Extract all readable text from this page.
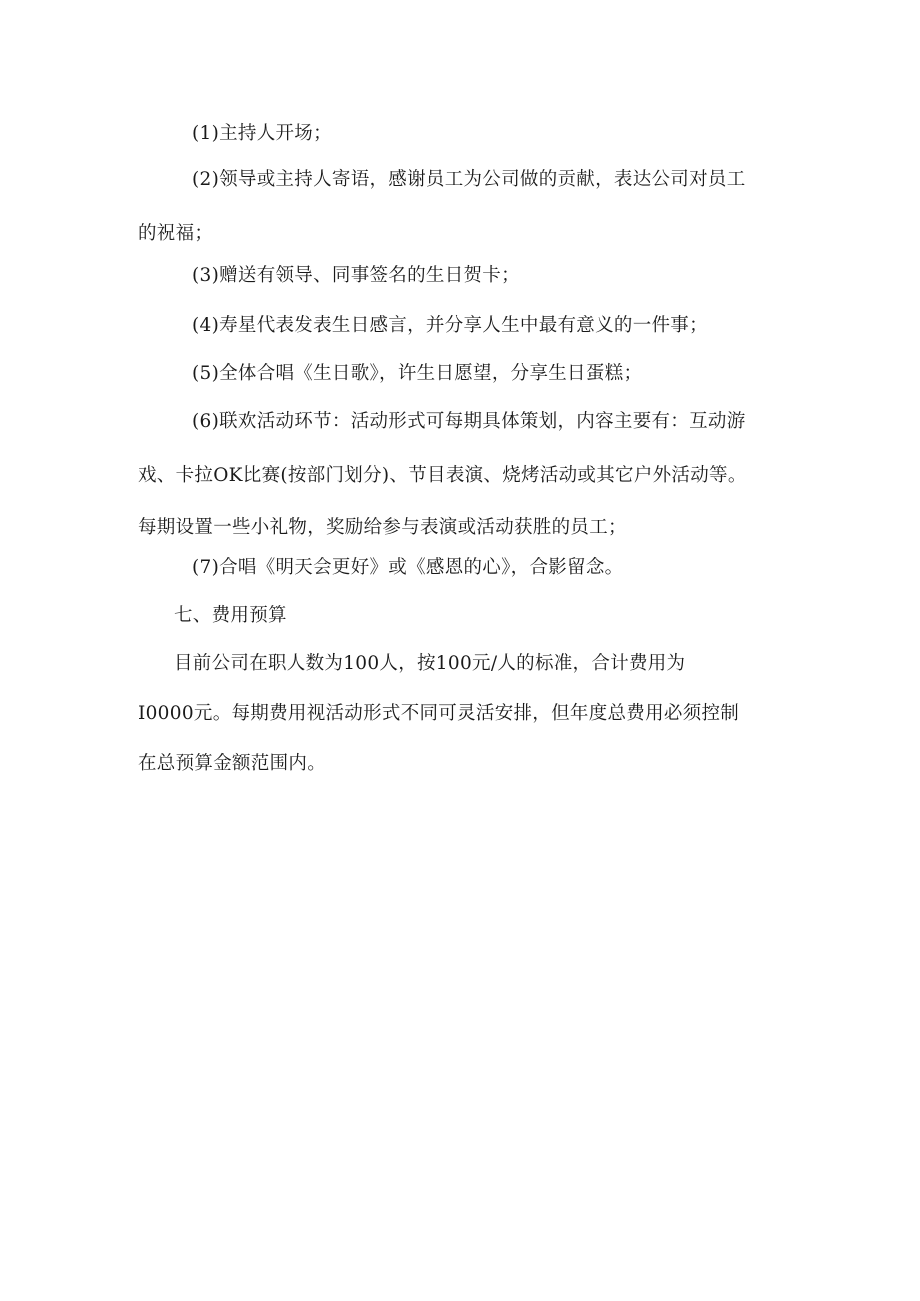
(1)主持人开场；
(2)领导或主持人寄语，感谢员工为公司做的贡献，表达公司对员工
的祝福；
(3)赠送有领导、同事签名的生日贺卡；
(4)寿星代表发表生日感言，并分享人生中最有意义的一件事；
(5)全体合唱《生日歌》，许生日愿望，分享生日蛋糕；
(6)联欢活动环节：活动形式可每期具体策划，内容主要有：互动游
戏、卡拉OK比赛(按部门划分)、节目表演、烧烤活动或其它户外活动等。
每期设置一些小礼物，奖励给参与表演或活动获胜的员工；
(7)合唱《明天会更好》或《感恩的心》，合影留念。
七、费用预算
目前公司在职人数为100人，按100元/人的标准，合计费用为
I0000元。每期费用视活动形式不同可灵活安排，但年度总费用必须控制
在总预算金额范围内。
